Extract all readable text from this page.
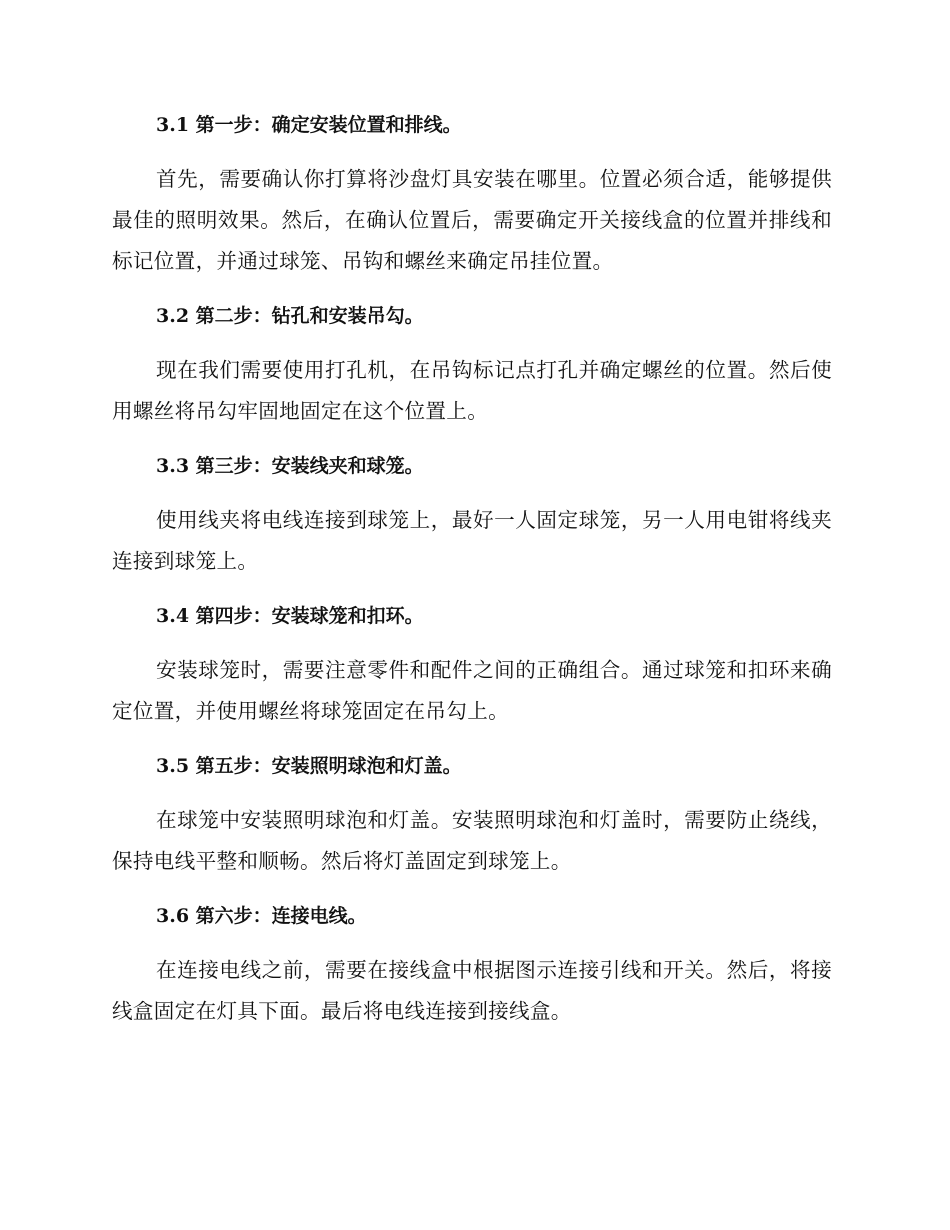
3.1 第一步：确定安装位置和排线。

首先，需要确认你打算将沙盘灯具安装在哪里。位置必须合适，能够提供最佳的照明效果。然后，在确认位置后，需要确定开关接线盒的位置并排线和标记位置，并通过球笼、吊钩和螺丝来确定吊挂位置。

3.2 第二步：钻孔和安装吊勾。

现在我们需要使用打孔机，在吊钩标记点打孔并确定螺丝的位置。然后使用螺丝将吊勾牢固地固定在这个位置上。

3.3 第三步：安装线夹和球笼。

使用线夹将电线连接到球笼上，最好一人固定球笼，另一人用电钳将线夹连接到球笼上。

3.4 第四步：安装球笼和扣环。

安装球笼时，需要注意零件和配件之间的正确组合。通过球笼和扣环来确定位置，并使用螺丝将球笼固定在吊勾上。

3.5 第五步：安装照明球泡和灯盖。

在球笼中安装照明球泡和灯盖。安装照明球泡和灯盖时，需要防止绕线，保持电线平整和顺畅。然后将灯盖固定到球笼上。

3.6 第六步：连接电线。

在连接电线之前，需要在接线盒中根据图示连接引线和开关。然后，将接线盒固定在灯具下面。最后将电线连接到接线盒。
